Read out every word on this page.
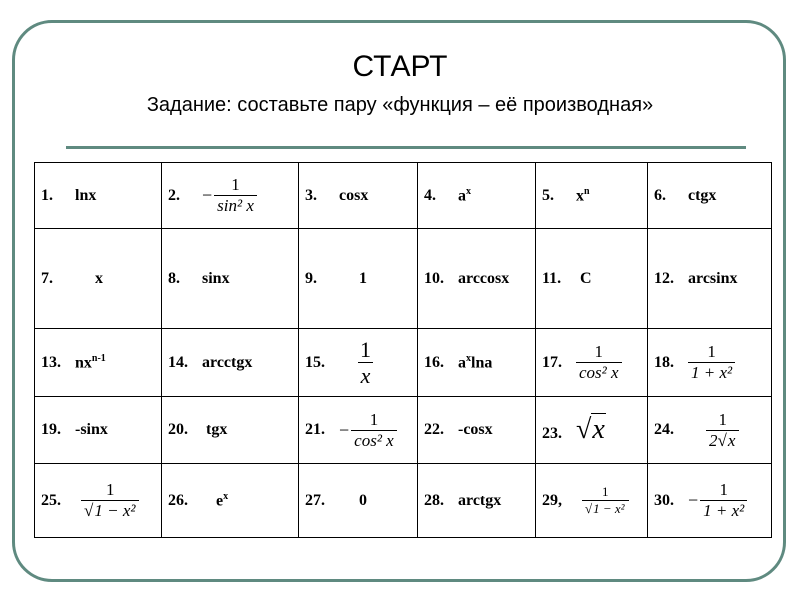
СТАРТ
Задание: составьте пару «функция – её производная»
1. lnx	2. − $\frac{1}{\text{sin² x}}$	3. cosx	4. $a^x$	5. $x^n$	6. ctgx
7. x	8. sinx	9. 1	10. arccosx	11. C	12. arcsinx
13. $nx^{n-1}$	14. arcctgx	15. $\frac{1}{x}$	16. $a^x\ln a$	17. $\frac{1}{\text{cos² x}}$	18. $\frac{1}{\text{1 + x²}}$

19. -sinx	20. tgx	21. − $\frac{1}{\text{cos² x}}$	22. -cosx	23. √x	24. $\frac{1}{2√x}$

25. $\frac{1}{\text{√1 − x²}}$	26. $e^x$	27. 0	28. arctgx	29, $\frac{1}{\text{√1 − x²}}$	30. − $\frac{1}{\text{1 + x²}}$
